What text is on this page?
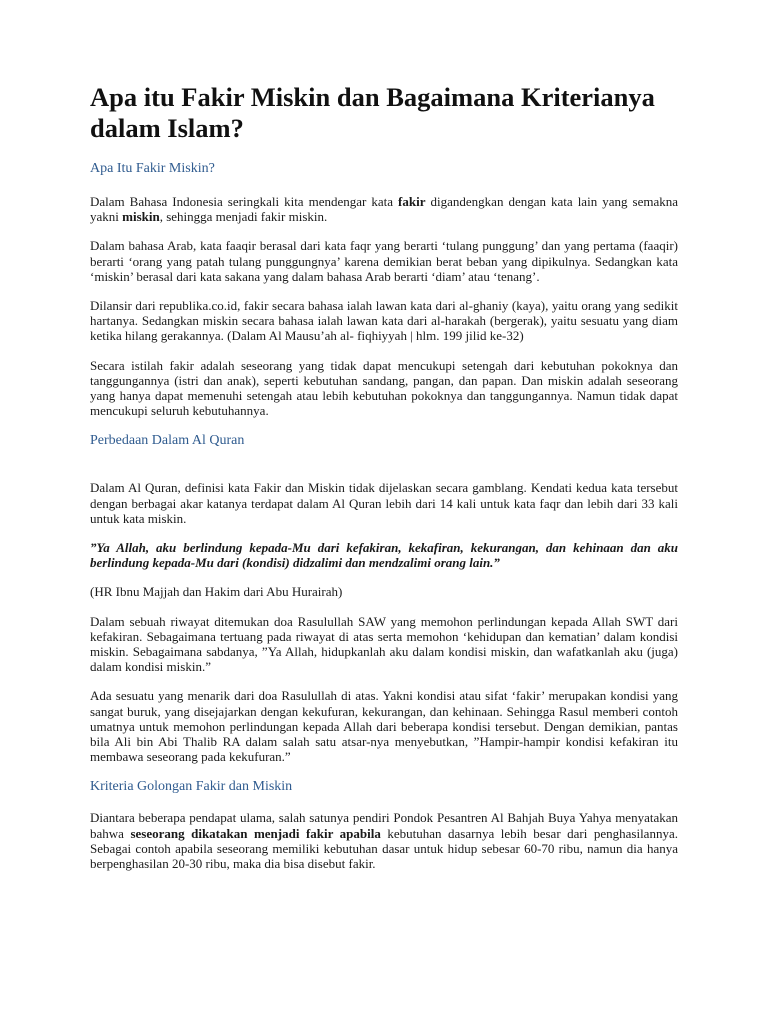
Apa itu Fakir Miskin dan Bagaimana Kriterianya dalam Islam?
Apa Itu Fakir Miskin?

Dalam Bahasa Indonesia seringkali kita mendengar kata fakir digandengkan dengan kata lain yang semakna yakni miskin, sehingga menjadi fakir miskin.

Dalam bahasa Arab, kata faaqir berasal dari kata faqr yang berarti ‘tulang punggung’ dan yang pertama (faaqir) berarti ‘orang yang patah tulang punggungnya’ karena demikian berat beban yang dipikulnya. Sedangkan kata ‘miskin’ berasal dari kata sakana yang dalam bahasa Arab berarti ‘diam’ atau ‘tenang’.

Dilansir dari republika.co.id, fakir secara bahasa ialah lawan kata dari al-ghaniy (kaya), yaitu orang yang sedikit hartanya. Sedangkan miskin secara bahasa ialah lawan kata dari al-harakah (bergerak), yaitu sesuatu yang diam ketika hilang gerakannya. (Dalam Al Mausu’ah al- fiqhiyyah | hlm. 199 jilid ke-32)

Secara istilah fakir adalah seseorang yang tidak dapat mencukupi setengah dari kebutuhan pokoknya dan tanggungannya (istri dan anak), seperti kebutuhan sandang, pangan, dan papan. Dan miskin adalah seseorang yang hanya dapat memenuhi setengah atau lebih kebutuhan pokoknya dan tanggungannya. Namun tidak dapat mencukupi seluruh kebutuhannya.

Perbedaan Dalam Al Quran

Dalam Al Quran, definisi kata Fakir dan Miskin tidak dijelaskan secara gamblang. Kendati kedua kata tersebut dengan berbagai akar katanya terdapat dalam Al Quran lebih dari 14 kali untuk kata faqr dan lebih dari 33 kali untuk kata miskin.

”Ya Allah, aku berlindung kepada-Mu dari kefakiran, kekafiran, kekurangan, dan kehinaan dan aku berlindung kepada-Mu dari (kondisi) didzalimi dan mendzalimi orang lain.”

(HR Ibnu Majjah dan Hakim dari Abu Hurairah)

Dalam sebuah riwayat ditemukan doa Rasulullah SAW yang memohon perlindungan kepada Allah SWT dari kefakiran. Sebagaimana tertuang pada riwayat di atas serta memohon ‘kehidupan dan kematian’ dalam kondisi miskin. Sebagaimana sabdanya, ”Ya Allah, hidupkanlah aku dalam kondisi miskin, dan wafatkanlah aku (juga) dalam kondisi miskin.”

Ada sesuatu yang menarik dari doa Rasulullah di atas. Yakni kondisi atau sifat ‘fakir’ merupakan kondisi yang sangat buruk, yang disejajarkan dengan kekufuran, kekurangan, dan kehinaan. Sehingga Rasul memberi contoh umatnya untuk memohon perlindungan kepada Allah dari beberapa kondisi tersebut. Dengan demikian, pantas bila Ali bin Abi Thalib RA dalam salah satu atsar-nya menyebutkan, ”Hampir-hampir kondisi kefakiran itu membawa seseorang pada kekufuran.”

Kriteria Golongan Fakir dan Miskin

Diantara beberapa pendapat ulama, salah satunya pendiri Pondok Pesantren Al Bahjah Buya Yahya menyatakan bahwa seseorang dikatakan menjadi fakir apabila kebutuhan dasarnya lebih besar dari penghasilannya. Sebagai contoh apabila seseorang memiliki kebutuhan dasar untuk hidup sebesar 60-70 ribu, namun dia hanya berpenghasilan 20-30 ribu, maka dia bisa disebut fakir.
